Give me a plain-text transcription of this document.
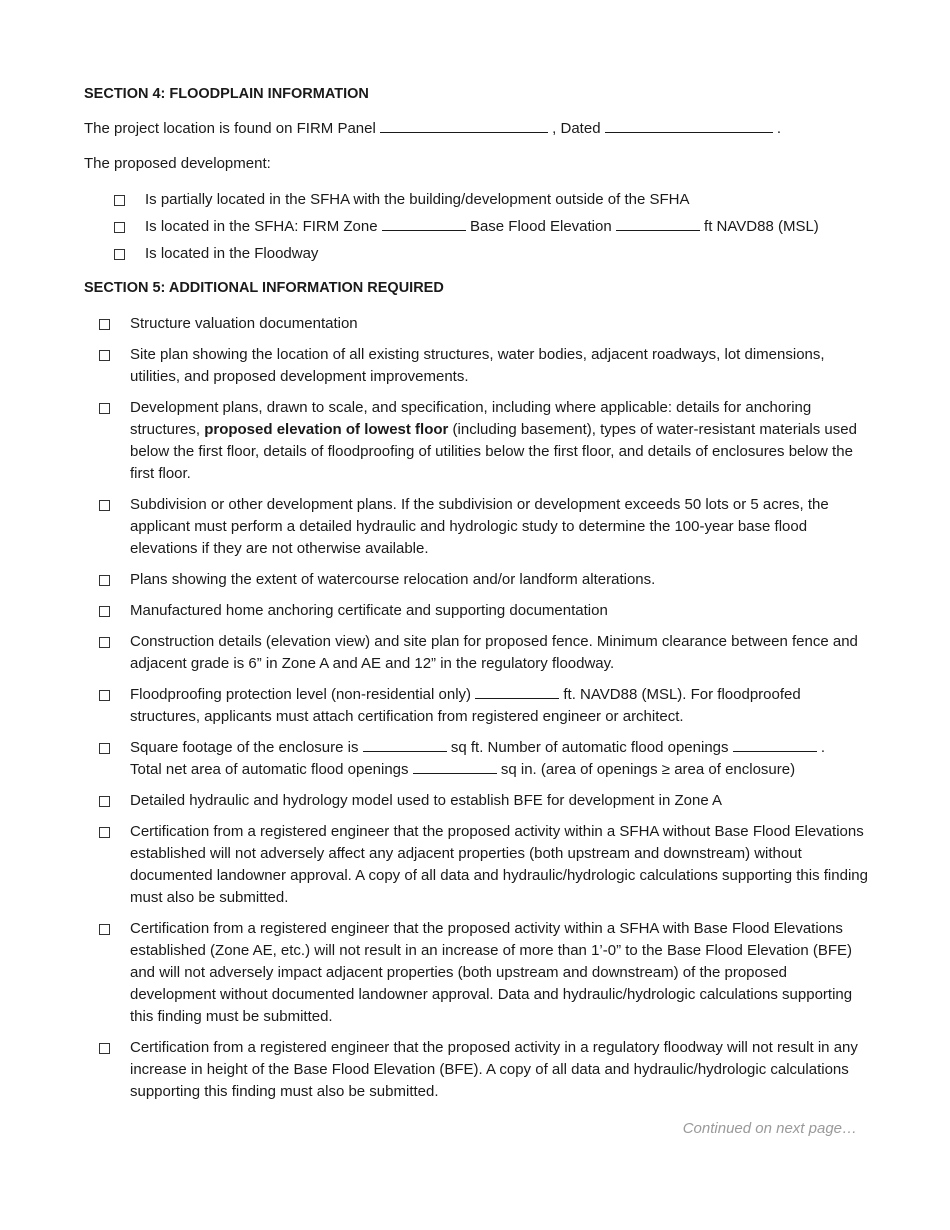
SECTION 4: FLOODPLAIN INFORMATION

The project location is found on FIRM Panel	, Dated	.

The proposed development:

Is partially located in the SFHA with the building/development outside of the SFHA
Is located in the SFHA: FIRM Zone	Base Flood Elevation	ft NAVD88 (MSL)
Is located in the Floodway

SECTION 5: ADDITIONAL INFORMATION REQUIRED

Structure valuation documentation
Site plan showing the location of all existing structures, water bodies, adjacent roadways, lot dimensions, utilities, and proposed development improvements.
Development plans, drawn to scale, and specification, including where applicable: details for anchoring structures, proposed elevation of lowest floor (including basement), types of water-resistant materials used below the first floor, details of floodproofing of utilities below the first floor, and details of enclosures below the first floor.
Subdivision or other development plans. If the subdivision or development exceeds 50 lots or 5 acres, the applicant must perform a detailed hydraulic and hydrologic study to determine the 100-year base flood elevations if they are not otherwise available.
Plans showing the extent of watercourse relocation and/or landform alterations.
Manufactured home anchoring certificate and supporting documentation
Construction details (elevation view) and site plan for proposed fence. Minimum clearance between fence and adjacent grade is 6” in Zone A and AE and 12” in the regulatory floodway.
Floodproofing protection level (non-residential only)	ft. NAVD88 (MSL). For floodproofed structures, applicants must attach certification from registered engineer or architect.
Square footage of the enclosure is	sq ft. Number of automatic flood openings	.
Total net area of automatic flood openings	sq in. (area of openings ≥ area of enclosure)
Detailed hydraulic and hydrology model used to establish BFE for development in Zone A
Certification from a registered engineer that the proposed activity within a SFHA without Base Flood Elevations established will not adversely affect any adjacent properties (both upstream and downstream) without documented landowner approval. A copy of all data and hydraulic/hydrologic calculations supporting this finding must also be submitted.
Certification from a registered engineer that the proposed activity within a SFHA with Base Flood Elevations established (Zone AE, etc.) will not result in an increase of more than 1’-0” to the Base Flood Elevation (BFE) and will not adversely impact adjacent properties (both upstream and downstream) of the proposed development without documented landowner approval. Data and hydraulic/hydrologic calculations supporting this finding must be submitted.
Certification from a registered engineer that the proposed activity in a regulatory floodway will not result in any increase in height of the Base Flood Elevation (BFE). A copy of all data and hydraulic/hydrologic calculations supporting this finding must also be submitted.
Continued on next page…
